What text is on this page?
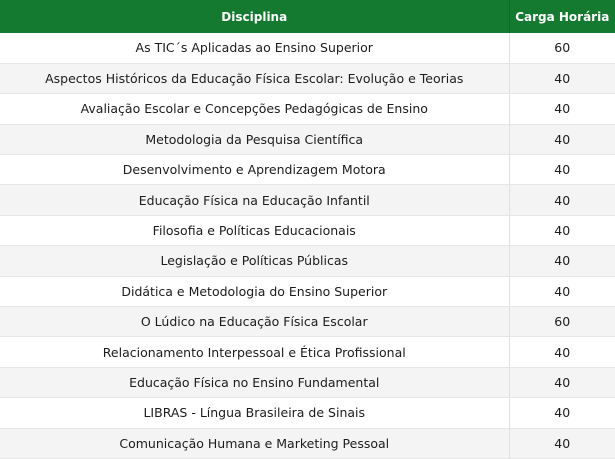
Disciplina	Carga Horária
As TIC´s Aplicadas ao Ensino Superior	60
Aspectos Históricos da Educação Física Escolar: Evolução e Teorias	40
Avaliação Escolar e Concepções Pedagógicas de Ensino	40
Metodologia da Pesquisa Científica	40
Desenvolvimento e Aprendizagem Motora	40
Educação Física na Educação Infantil	40
Filosofia e Políticas Educacionais	40
Legislação e Políticas Públicas	40
Didática e Metodologia do Ensino Superior	40
O Lúdico na Educação Física Escolar	60
Relacionamento Interpessoal e Ética Profissional	40
Educação Física no Ensino Fundamental	40
LIBRAS - Língua Brasileira de Sinais	40
Comunicação Humana e Marketing Pessoal	40
